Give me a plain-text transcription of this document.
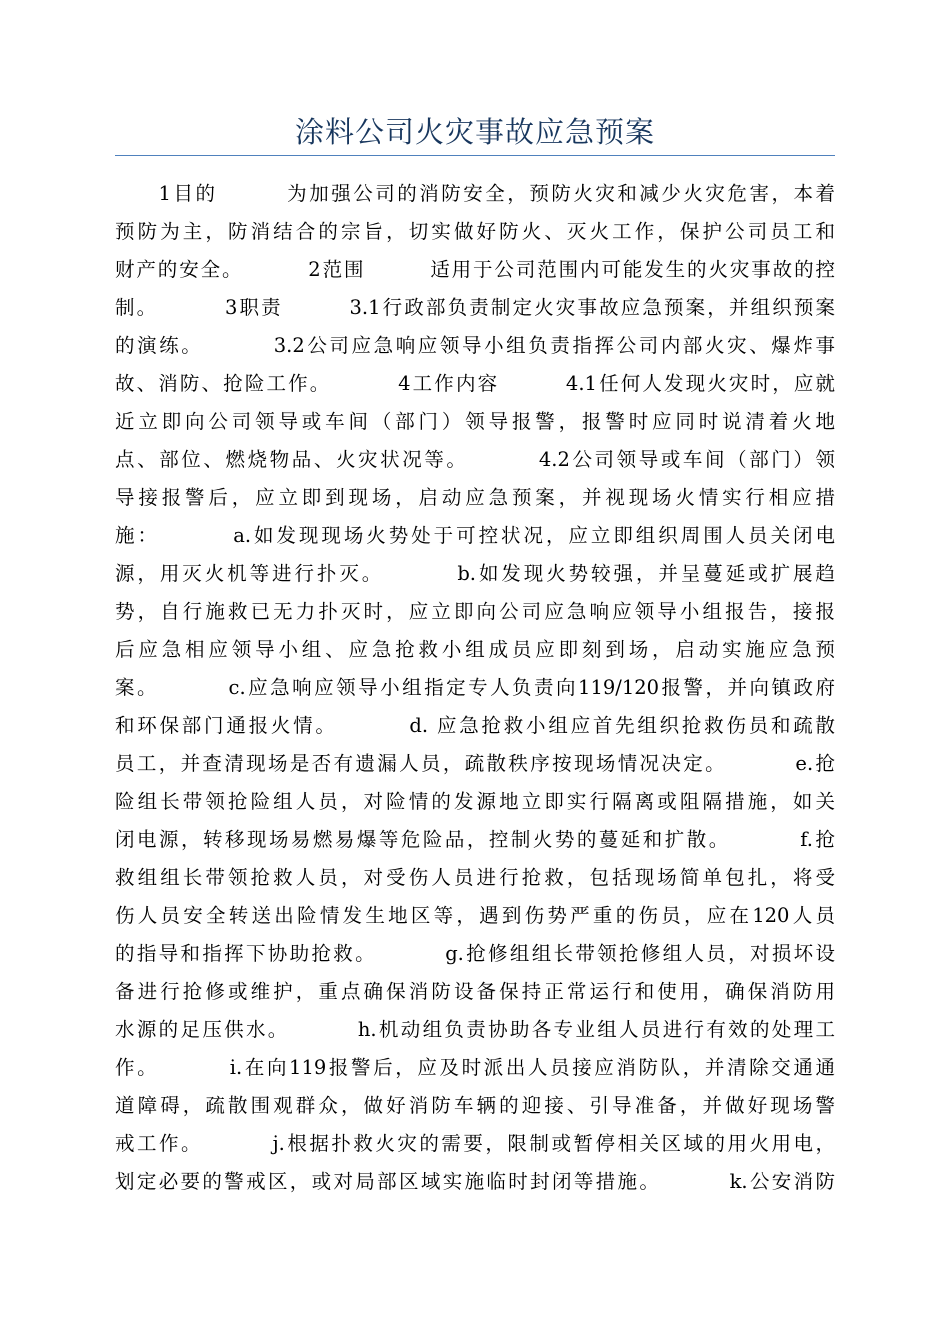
涂料公司火灾事故应急预案
1目的        为加强公司的消防安全，预防火灾和减少火灾危害，本着
预防为主，防消结合的宗旨，切实做好防火、灭火工作，保护公司员工和
财产的安全。        2范围        适用于公司范围内可能发生的火灾事故的控
制。        3职责        3.1行政部负责制定火灾事故应急预案，并组织预案
的演练。        3.2公司应急响应领导小组负责指挥公司内部火灾、爆炸事
故、消防、抢险工作。        4工作内容        4.1任何人发现火灾时，应就
近立即向公司领导或车间（部门）领导报警，报警时应同时说清着火地
点、部位、燃烧物品、火灾状况等。        4.2公司领导或车间（部门）领
导接报警后，应立即到现场，启动应急预案，并视现场火情实行相应措
施：        a.如发现现场火势处于可控状况，应立即组织周围人员关闭电
源，用灭火机等进行扑灭。        b.如发现火势较强，并呈蔓延或扩展趋
势，自行施救已无力扑灭时，应立即向公司应急响应领导小组报告，接报
后应急相应领导小组、应急抢救小组成员应即刻到场，启动实施应急预
案。        c.应急响应领导小组指定专人负责向119/120报警，并向镇政府
和环保部门通报火情。        d. 应急抢救小组应首先组织抢救伤员和疏散
员工，并查清现场是否有遗漏人员，疏散秩序按现场情况决定。        e.抢
险组长带领抢险组人员，对险情的发源地立即实行隔离或阻隔措施，如关
闭电源，转移现场易燃易爆等危险品，控制火势的蔓延和扩散。        f.抢
救组组长带领抢救人员，对受伤人员进行抢救，包括现场简单包扎，将受
伤人员安全转送出险情发生地区等，遇到伤势严重的伤员，应在120人员
的指导和指挥下协助抢救。        g.抢修组组长带领抢修组人员，对损坏设
备进行抢修或维护，重点确保消防设备保持正常运行和使用，确保消防用
水源的足压供水。        h.机动组负责协助各专业组人员进行有效的处理工
作。        i.在向119报警后，应及时派出人员接应消防队，并清除交通通
道障碍，疏散围观群众，做好消防车辆的迎接、引导准备，并做好现场警
戒工作。        j.根据扑救火灾的需要，限制或暂停相关区域的用火用电，
划定必要的警戒区，或对局部区域实施临时封闭等措施。        k.公安消防
